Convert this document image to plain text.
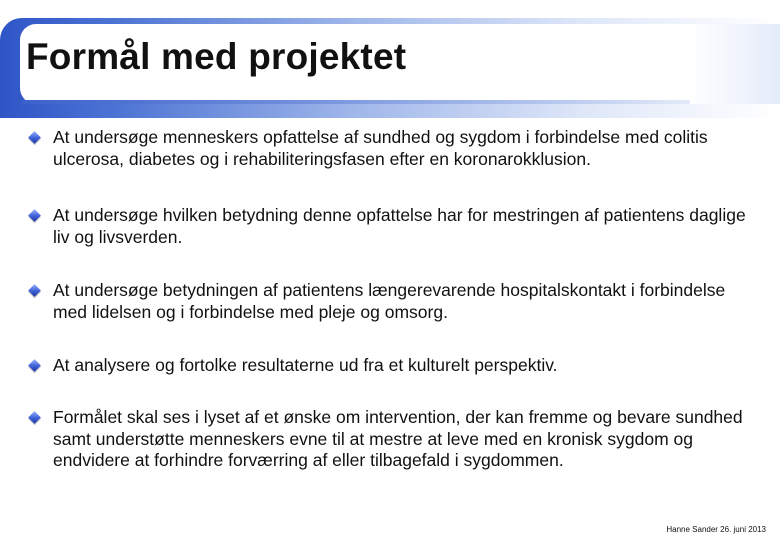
Formål med projektet

At undersøge menneskers opfattelse af sundhed og sygdom i forbindelse med colitis ulcerosa, diabetes og i rehabiliteringsfasen efter en koronarokklusion.

At undersøge hvilken betydning denne opfattelse har for mestringen af patientens daglige liv og livsverden.

At undersøge betydningen af patientens længerevarende hospitalskontakt i forbindelse med lidelsen og i forbindelse med pleje og omsorg.

At analysere og fortolke resultaterne ud fra et kulturelt perspektiv.

Formålet skal ses i lyset af et ønske om intervention, der kan fremme og bevare sundhed samt understøtte menneskers evne til at mestre at leve med en kronisk sygdom og endvidere at forhindre forværring af eller tilbagefald i sygdommen.

Hanne Sander 26. juni 2013
